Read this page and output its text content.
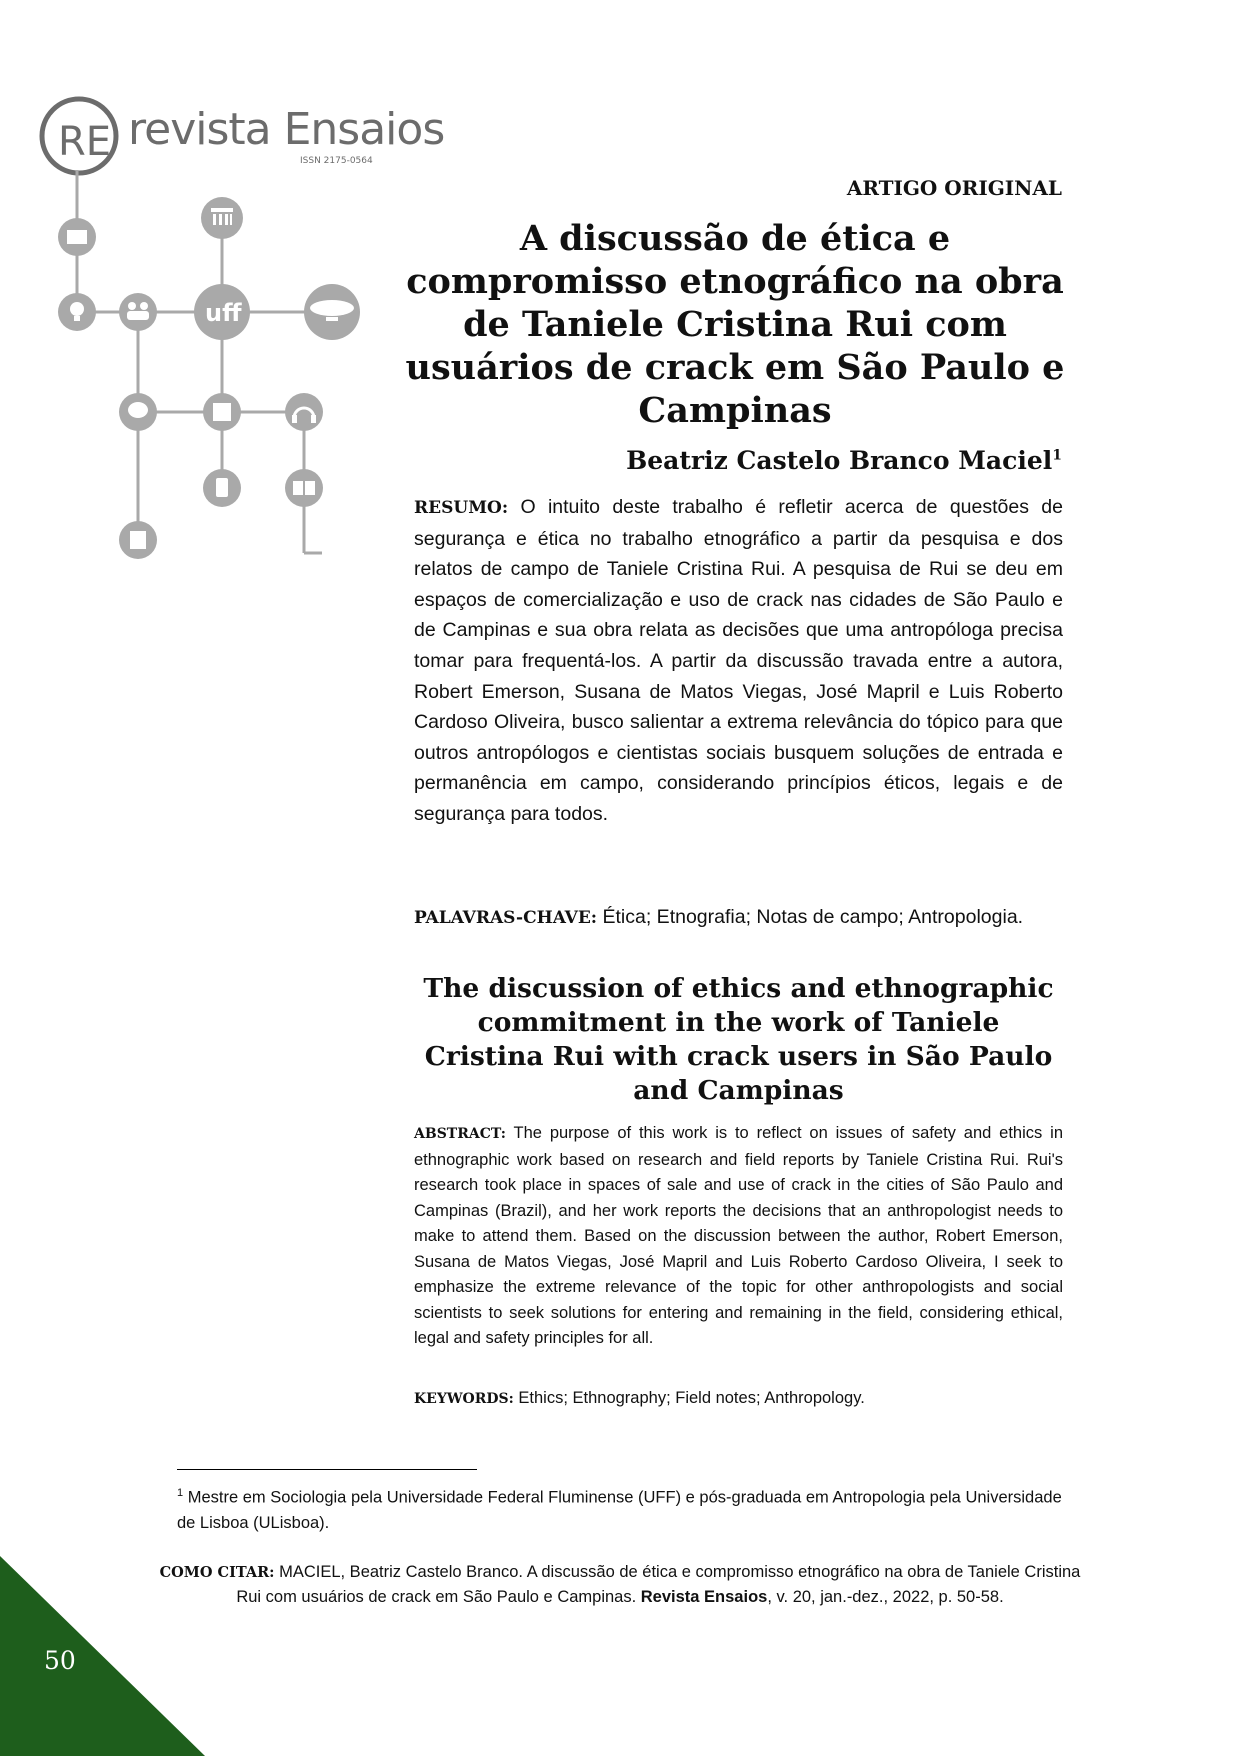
RE revista Ensaios
ISSN 2175-0564
uff
ARTIGO ORIGINAL
A discussão de ética e compromisso etnográfico na obra de Taniele Cristina Rui com usuários de crack em São Paulo e Campinas
Beatriz Castelo Branco Maciel$^1$
RESUMO: O intuito deste trabalho é refletir acerca de questões de segurança e ética no trabalho etnográfico a partir da pesquisa e dos relatos de campo de Taniele Cristina Rui. A pesquisa de Rui se deu em espaços de comercialização e uso de crack nas cidades de São Paulo e de Campinas e sua obra relata as decisões que uma antropóloga precisa tomar para frequentá-los. A partir da discussão travada entre a autora, Robert Emerson, Susana de Matos Viegas, José Mapril e Luis Roberto Cardoso Oliveira, busco salientar a extrema relevância do tópico para que outros antropólogos e cientistas sociais busquem soluções de entrada e permanência em campo, considerando princípios éticos, legais e de segurança para todos.
PALAVRAS-CHAVE: Ética; Etnografia; Notas de campo; Antropologia.
The discussion of ethics and ethnographic commitment in the work of Taniele Cristina Rui with crack users in São Paulo and Campinas
ABSTRACT: The purpose of this work is to reflect on issues of safety and ethics in ethnographic work based on research and field reports by Taniele Cristina Rui. Rui's research took place in spaces of sale and use of crack in the cities of São Paulo and Campinas (Brazil), and her work reports the decisions that an anthropologist needs to make to attend them. Based on the discussion between the author, Robert Emerson, Susana de Matos Viegas, José Mapril and Luis Roberto Cardoso Oliveira, I seek to emphasize the extreme relevance of the topic for other anthropologists and social scientists to seek solutions for entering and remaining in the field, considering ethical, legal and safety principles for all.
KEYWORDS: Ethics; Ethnography; Field notes; Anthropology.
$^1$ Mestre em Sociologia pela Universidade Federal Fluminense (UFF) e pós-graduada em Antropologia pela Universidade de Lisboa (ULisboa).
COMO CITAR: MACIEL, Beatriz Castelo Branco. A discussão de ética e compromisso etnográfico na obra de Taniele Cristina Rui com usuários de crack em São Paulo e Campinas. Revista Ensaios, v. 20, jan.-dez., 2022, p. 50-58.
50
